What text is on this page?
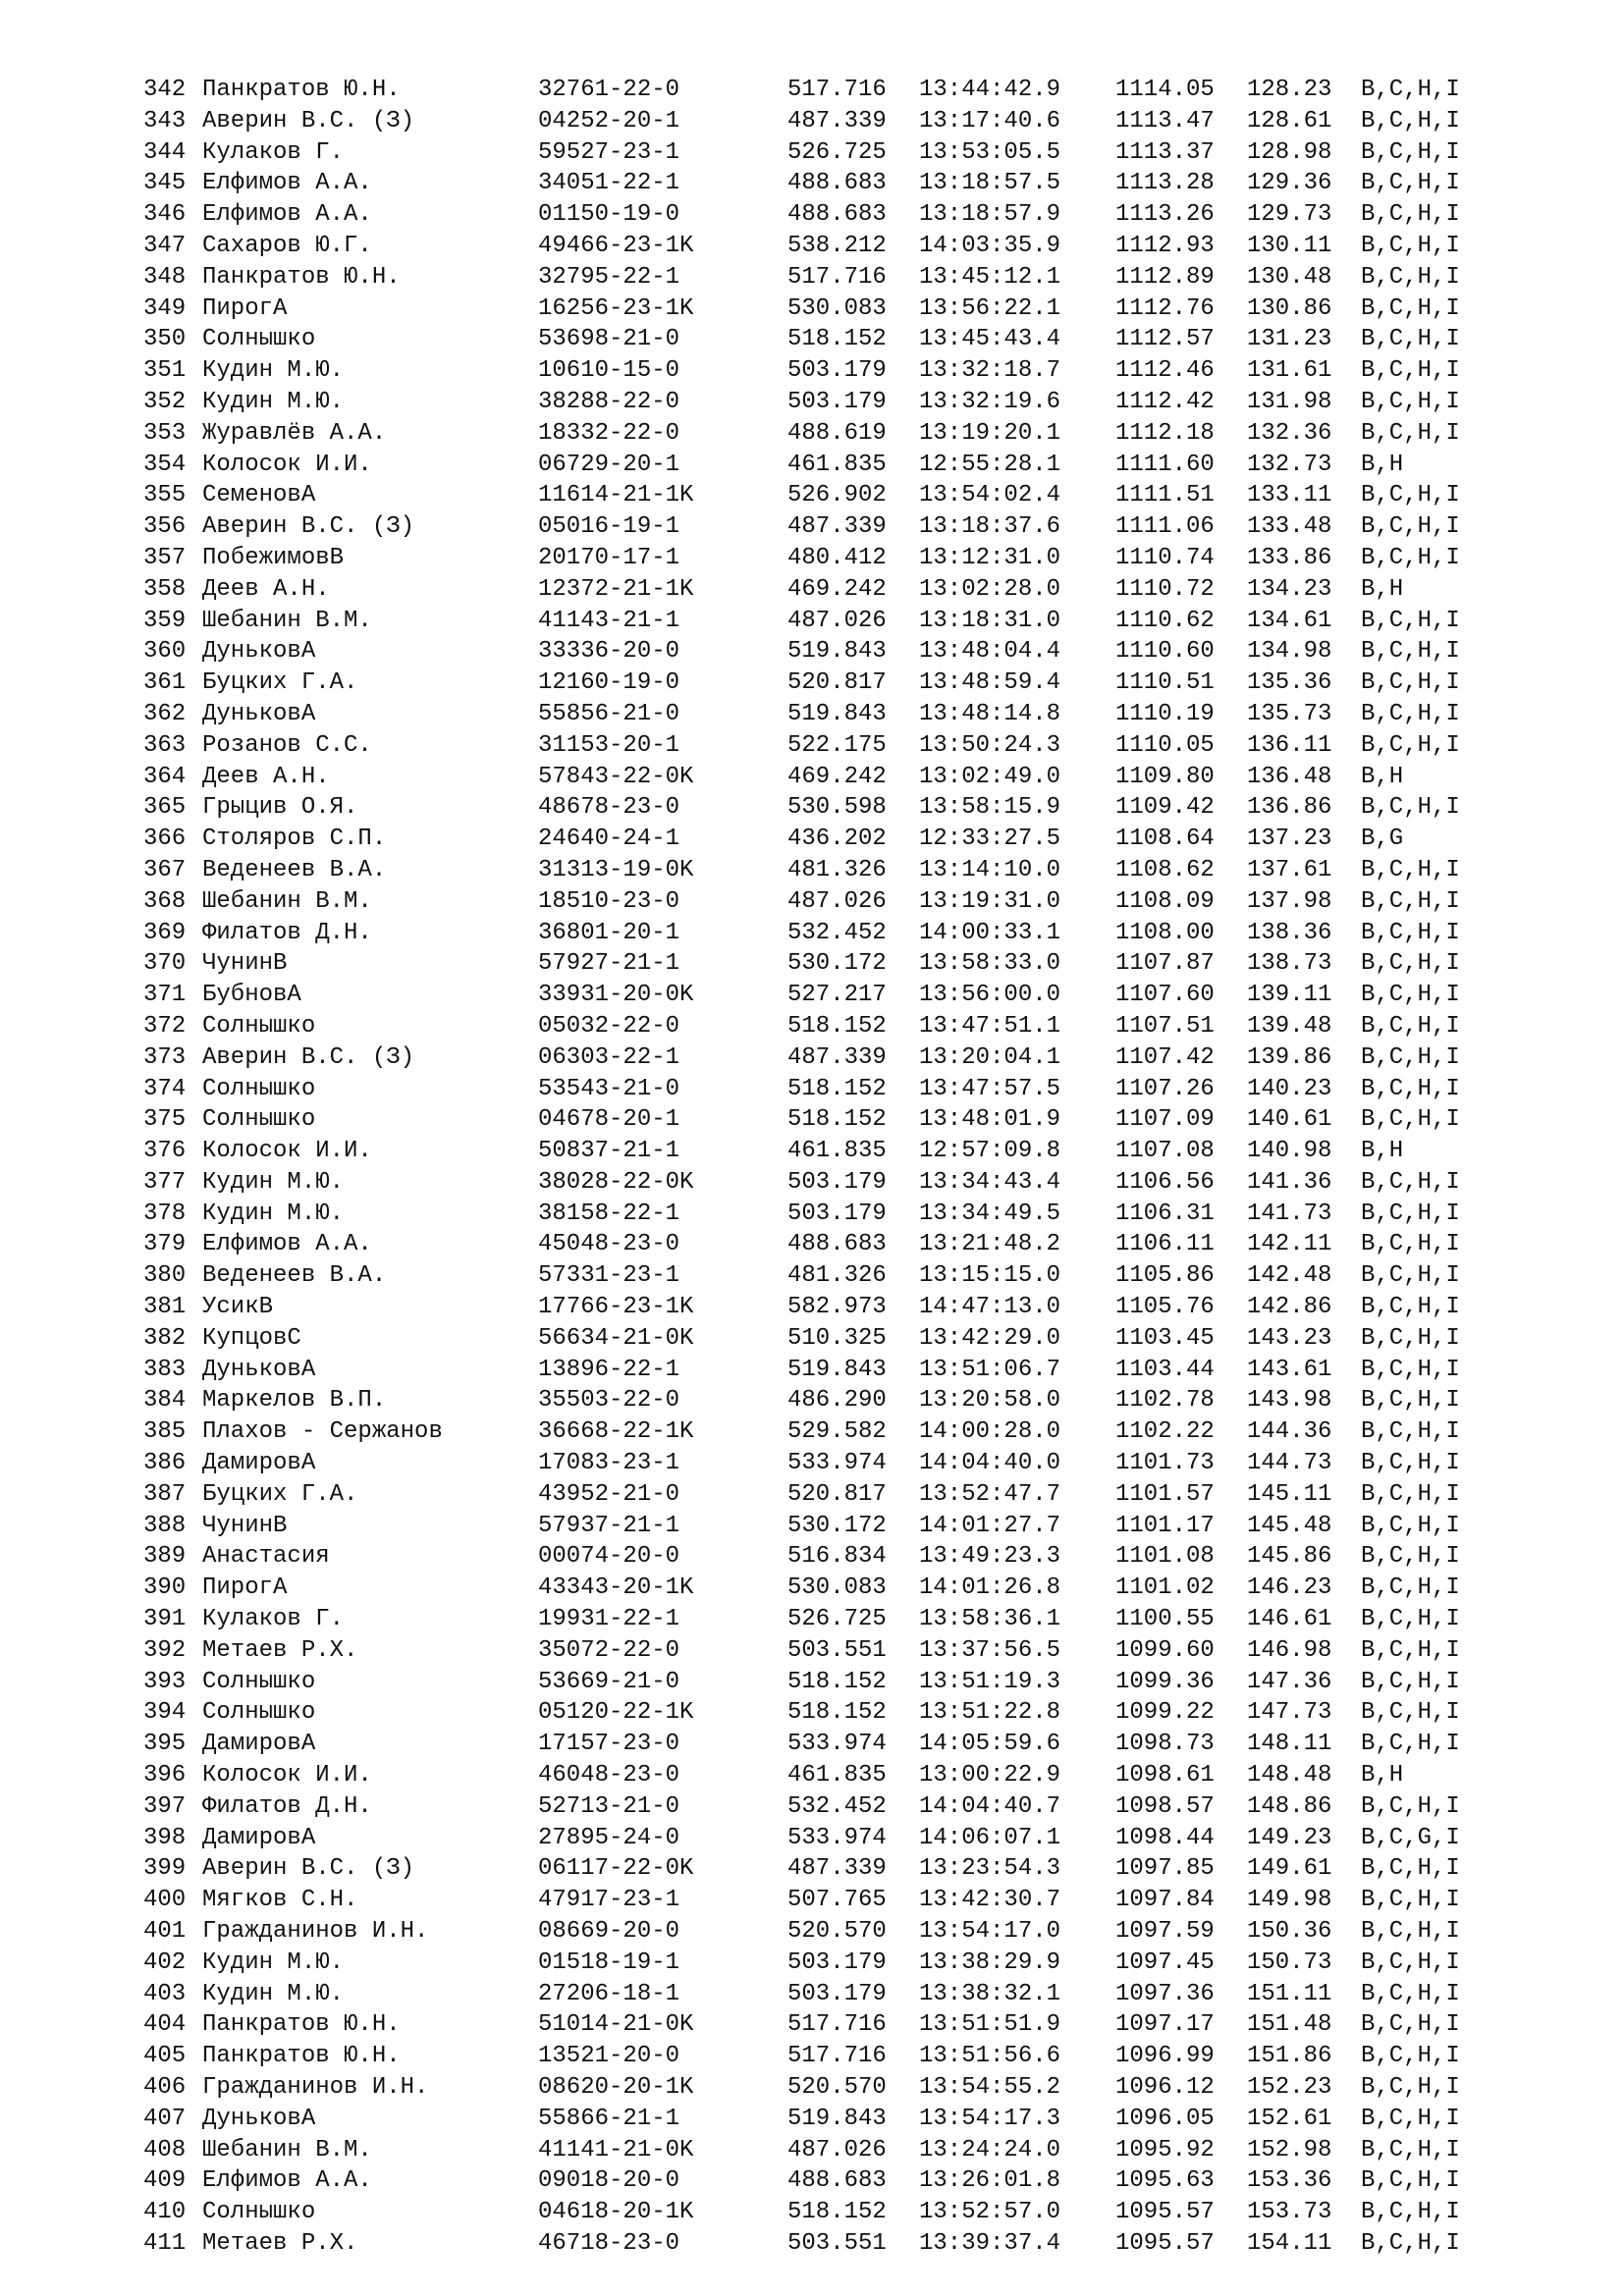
342 Панкратов Ю.Н.	32761-22-0	517.716 13:44:42.9 1114.05 128.23 B,C,H,I
343 Аверин В.С. (З)	04252-20-1	487.339 13:17:40.6 1113.47 128.61 B,C,H,I
344 Кулаков Г.	59527-23-1	526.725 13:53:05.5 1113.37 128.98 B,C,H,I
345 Елфимов А.А.	34051-22-1	488.683 13:18:57.5 1113.28 129.36 B,C,H,I
346 Елфимов А.А.	01150-19-0	488.683 13:18:57.9 1113.26 129.73 B,C,H,I
347 Сахаров Ю.Г.	49466-23-1K	538.212 14:03:35.9 1112.93 130.11 B,C,H,I
348 Панкратов Ю.Н.	32795-22-1	517.716 13:45:12.1 1112.89 130.48 B,C,H,I
349 ПирогА	16256-23-1K	530.083 13:56:22.1 1112.76 130.86 B,C,H,I
350 Солнышко	53698-21-0	518.152 13:45:43.4 1112.57 131.23 B,C,H,I
351 Кудин М.Ю.	10610-15-0	503.179 13:32:18.7 1112.46 131.61 B,C,H,I
352 Кудин М.Ю.	38288-22-0	503.179 13:32:19.6 1112.42 131.98 B,C,H,I
353 Журавлёв А.А.	18332-22-0	488.619 13:19:20.1 1112.18 132.36 B,C,H,I
354 Колосок И.И.	06729-20-1	461.835 12:55:28.1 1111.60 132.73 B,H
355 СеменовА	11614-21-1K	526.902 13:54:02.4 1111.51 133.11 B,C,H,I
356 Аверин В.С. (З)	05016-19-1	487.339 13:18:37.6 1111.06 133.48 B,C,H,I
357 ПобежимовВ	20170-17-1	480.412 13:12:31.0 1110.74 133.86 B,C,H,I
358 Деев А.Н.	12372-21-1K	469.242 13:02:28.0 1110.72 134.23 B,H
359 Шебанин В.М.	41143-21-1	487.026 13:18:31.0 1110.62 134.61 B,C,H,I
360 ДуньковА	33336-20-0	519.843 13:48:04.4 1110.60 134.98 B,C,H,I
361 Буцких Г.А.	12160-19-0	520.817 13:48:59.4 1110.51 135.36 B,C,H,I
362 ДуньковА	55856-21-0	519.843 13:48:14.8 1110.19 135.73 B,C,H,I
363 Розанов С.С.	31153-20-1	522.175 13:50:24.3 1110.05 136.11 B,C,H,I
364 Деев А.Н.	57843-22-0K	469.242 13:02:49.0 1109.80 136.48 B,H
365 Грыцив О.Я.	48678-23-0	530.598 13:58:15.9 1109.42 136.86 B,C,H,I
366 Столяров С.П.	24640-24-1	436.202 12:33:27.5 1108.64 137.23 B,G
367 Веденеев В.А.	31313-19-0K	481.326 13:14:10.0 1108.62 137.61 B,C,H,I
368 Шебанин В.М.	18510-23-0	487.026 13:19:31.0 1108.09 137.98 B,C,H,I
369 Филатов Д.Н.	36801-20-1	532.452 14:00:33.1 1108.00 138.36 B,C,H,I
370 ЧунинВ	57927-21-1	530.172 13:58:33.0 1107.87 138.73 B,C,H,I
371 БубновА	33931-20-0K	527.217 13:56:00.0 1107.60 139.11 B,C,H,I
372 Солнышко	05032-22-0	518.152 13:47:51.1 1107.51 139.48 B,C,H,I
373 Аверин В.С. (З)	06303-22-1	487.339 13:20:04.1 1107.42 139.86 B,C,H,I
374 Солнышко	53543-21-0	518.152 13:47:57.5 1107.26 140.23 B,C,H,I
375 Солнышко	04678-20-1	518.152 13:48:01.9 1107.09 140.61 B,C,H,I
376 Колосок И.И.	50837-21-1	461.835 12:57:09.8 1107.08 140.98 B,H
377 Кудин М.Ю.	38028-22-0K	503.179 13:34:43.4 1106.56 141.36 B,C,H,I
378 Кудин М.Ю.	38158-22-1	503.179 13:34:49.5 1106.31 141.73 B,C,H,I
379 Елфимов А.А.	45048-23-0	488.683 13:21:48.2 1106.11 142.11 B,C,H,I
380 Веденеев В.А.	57331-23-1	481.326 13:15:15.0 1105.86 142.48 B,C,H,I
381 УсикВ	17766-23-1K	582.973 14:47:13.0 1105.76 142.86 B,C,H,I
382 КупцовС	56634-21-0K	510.325 13:42:29.0 1103.45 143.23 B,C,H,I
383 ДуньковА	13896-22-1	519.843 13:51:06.7 1103.44 143.61 B,C,H,I
384 Маркелов В.П.	35503-22-0	486.290 13:20:58.0 1102.78 143.98 B,C,H,I
385 Плахов - Сержанов	36668-22-1K	529.582 14:00:28.0 1102.22 144.36 B,C,H,I
386 ДамировА	17083-23-1	533.974 14:04:40.0 1101.73 144.73 B,C,H,I
387 Буцких Г.А.	43952-21-0	520.817 13:52:47.7 1101.57 145.11 B,C,H,I
388 ЧунинВ	57937-21-1	530.172 14:01:27.7 1101.17 145.48 B,C,H,I
389 Анастасия	00074-20-0	516.834 13:49:23.3 1101.08 145.86 B,C,H,I
390 ПирогА	43343-20-1K	530.083 14:01:26.8 1101.02 146.23 B,C,H,I
391 Кулаков Г.	19931-22-1	526.725 13:58:36.1 1100.55 146.61 B,C,H,I
392 Метаев Р.Х.	35072-22-0	503.551 13:37:56.5 1099.60 146.98 B,C,H,I
393 Солнышко	53669-21-0	518.152 13:51:19.3 1099.36 147.36 B,C,H,I
394 Солнышко	05120-22-1K	518.152 13:51:22.8 1099.22 147.73 B,C,H,I
395 ДамировА	17157-23-0	533.974 14:05:59.6 1098.73 148.11 B,C,H,I
396 Колосок И.И.	46048-23-0	461.835 13:00:22.9 1098.61 148.48 B,H
397 Филатов Д.Н.	52713-21-0	532.452 14:04:40.7 1098.57 148.86 B,C,H,I
398 ДамировА	27895-24-0	533.974 14:06:07.1 1098.44 149.23 B,C,G,I
399 Аверин В.С. (З)	06117-22-0K	487.339 13:23:54.3 1097.85 149.61 B,C,H,I
400 Мягков С.Н.	47917-23-1	507.765 13:42:30.7 1097.84 149.98 B,C,H,I
401 Гражданинов И.Н.	08669-20-0	520.570 13:54:17.0 1097.59 150.36 B,C,H,I
402 Кудин М.Ю.	01518-19-1	503.179 13:38:29.9 1097.45 150.73 B,C,H,I
403 Кудин М.Ю.	27206-18-1	503.179 13:38:32.1 1097.36 151.11 B,C,H,I
404 Панкратов Ю.Н.	51014-21-0K	517.716 13:51:51.9 1097.17 151.48 B,C,H,I
405 Панкратов Ю.Н.	13521-20-0	517.716 13:51:56.6 1096.99 151.86 B,C,H,I
406 Гражданинов И.Н.	08620-20-1K	520.570 13:54:55.2 1096.12 152.23 B,C,H,I
407 ДуньковА	55866-21-1	519.843 13:54:17.3 1096.05 152.61 B,C,H,I
408 Шебанин В.М.	41141-21-0K	487.026 13:24:24.0 1095.92 152.98 B,C,H,I
409 Елфимов А.А.	09018-20-0	488.683 13:26:01.8 1095.63 153.36 B,C,H,I
410 Солнышко	04618-20-1K	518.152 13:52:57.0 1095.57 153.73 B,C,H,I
411 Метаев Р.Х.	46718-23-0	503.551 13:39:37.4 1095.57 154.11 B,C,H,I
